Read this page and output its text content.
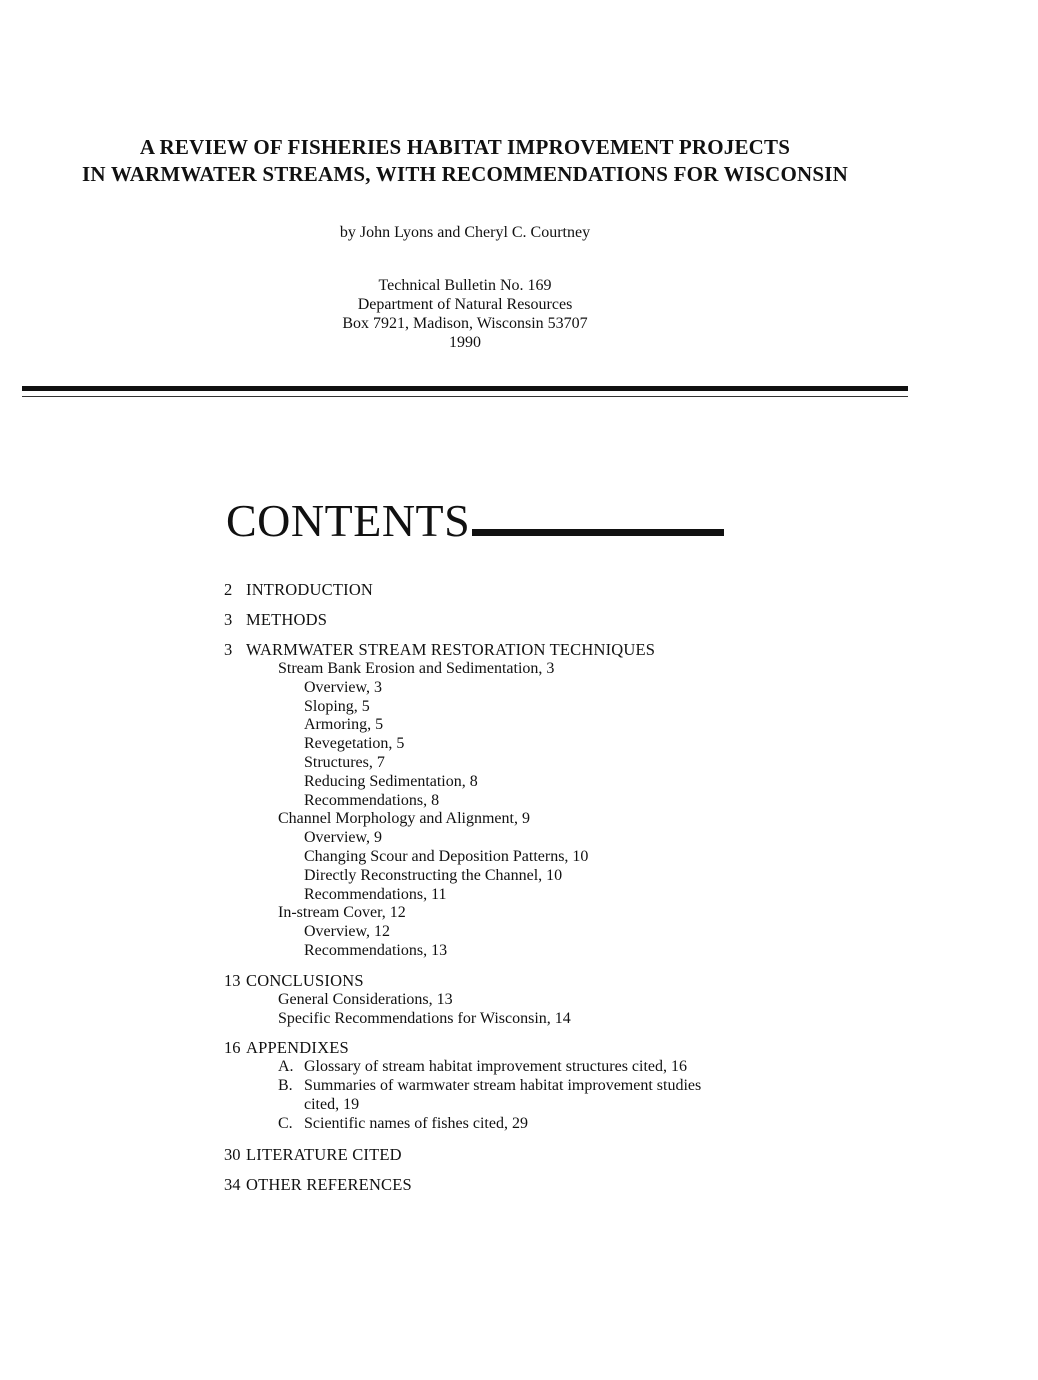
A REVIEW OF FISHERIES HABITAT IMPROVEMENT PROJECTS
IN WARMWATER STREAMS, WITH RECOMMENDATIONS FOR WISCONSIN
by John Lyons and Cheryl C. Courtney
Technical Bulletin No. 169
Department of Natural Resources
Box 7921, Madison, Wisconsin 53707
1990
CONTENTS
2 INTRODUCTION
3 METHODS
3 WARMWATER STREAM RESTORATION TECHNIQUES
Stream Bank Erosion and Sedimentation, 3
Overview, 3
Sloping, 5
Armoring, 5
Revegetation, 5
Structures, 7
Reducing Sedimentation, 8
Recommendations, 8
Channel Morphology and Alignment, 9
Overview, 9
Changing Scour and Deposition Patterns, 10
Directly Reconstructing the Channel, 10
Recommendations, 11
In-stream Cover, 12
Overview, 12
Recommendations, 13
13 CONCLUSIONS
General Considerations, 13
Specific Recommendations for Wisconsin, 14
16 APPENDIXES
A. Glossary of stream habitat improvement structures cited, 16
B. Summaries of warmwater stream habitat improvement studies cited, 19
C. Scientific names of fishes cited, 29
30 LITERATURE CITED
34 OTHER REFERENCES
